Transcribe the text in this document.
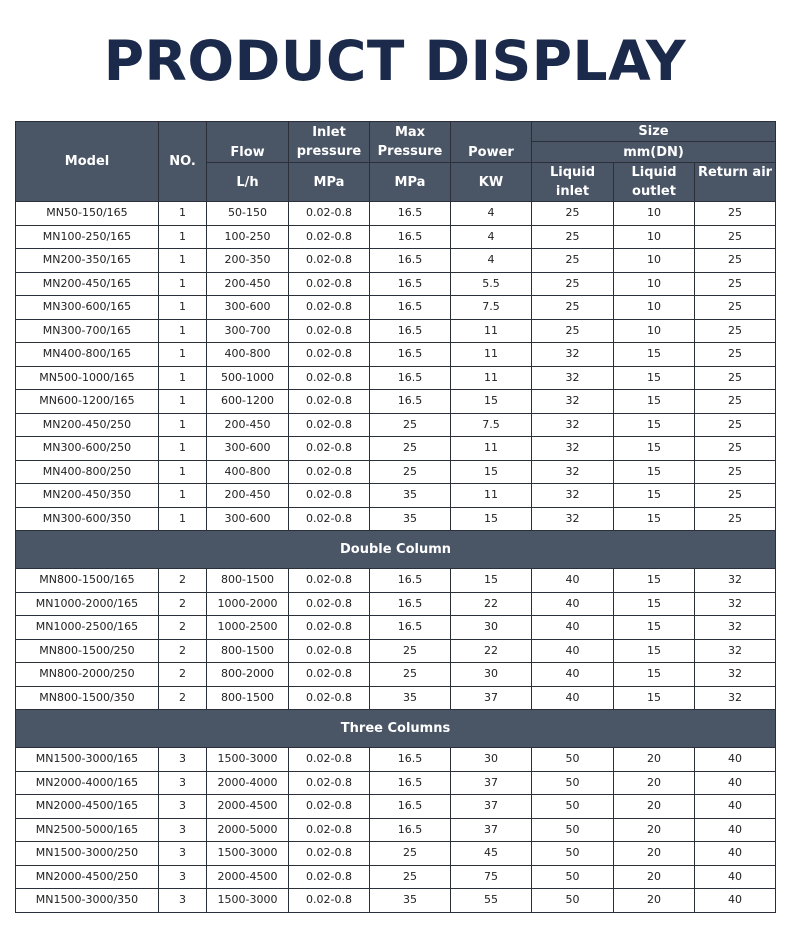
PRODUCT DISPLAY
Model	NO.	Flow	Inlet pressure	Max Pressure	Power	Size		
						mm(DN)		
		L/h	MPa	MPa	KW	Liquid inlet	Liquid outlet	Return air
MN50-150/165	1	50-150	0.02-0.8	16.5	4	25	10	25
MN100-250/165	1	100-250	0.02-0.8	16.5	4	25	10	25
MN200-350/165	1	200-350	0.02-0.8	16.5	4	25	10	25
MN200-450/165	1	200-450	0.02-0.8	16.5	5.5	25	10	25
MN300-600/165	1	300-600	0.02-0.8	16.5	7.5	25	10	25
MN300-700/165	1	300-700	0.02-0.8	16.5	11	25	10	25
MN400-800/165	1	400-800	0.02-0.8	16.5	11	32	15	25
MN500-1000/165	1	500-1000	0.02-0.8	16.5	11	32	15	25
MN600-1200/165	1	600-1200	0.02-0.8	16.5	15	32	15	25
MN200-450/250	1	200-450	0.02-0.8	25	7.5	32	15	25
MN300-600/250	1	300-600	0.02-0.8	25	11	32	15	25
MN400-800/250	1	400-800	0.02-0.8	25	15	32	15	25
MN200-450/350	1	200-450	0.02-0.8	35	11	32	15	25
MN300-600/350	1	300-600	0.02-0.8	35	15	32	15	25
Double Column								
MN800-1500/165	2	800-1500	0.02-0.8	16.5	15	40	15	32
MN1000-2000/165	2	1000-2000	0.02-0.8	16.5	22	40	15	32
MN1000-2500/165	2	1000-2500	0.02-0.8	16.5	30	40	15	32
MN800-1500/250	2	800-1500	0.02-0.8	25	22	40	15	32
MN800-2000/250	2	800-2000	0.02-0.8	25	30	40	15	32
MN800-1500/350	2	800-1500	0.02-0.8	35	37	40	15	32
Three Columns								
MN1500-3000/165	3	1500-3000	0.02-0.8	16.5	30	50	20	40
MN2000-4000/165	3	2000-4000	0.02-0.8	16.5	37	50	20	40
MN2000-4500/165	3	2000-4500	0.02-0.8	16.5	37	50	20	40
MN2500-5000/165	3	2000-5000	0.02-0.8	16.5	37	50	20	40
MN1500-3000/250	3	1500-3000	0.02-0.8	25	45	50	20	40
MN2000-4500/250	3	2000-4500	0.02-0.8	25	75	50	20	40
MN1500-3000/350	3	1500-3000	0.02-0.8	35	55	50	20	40
